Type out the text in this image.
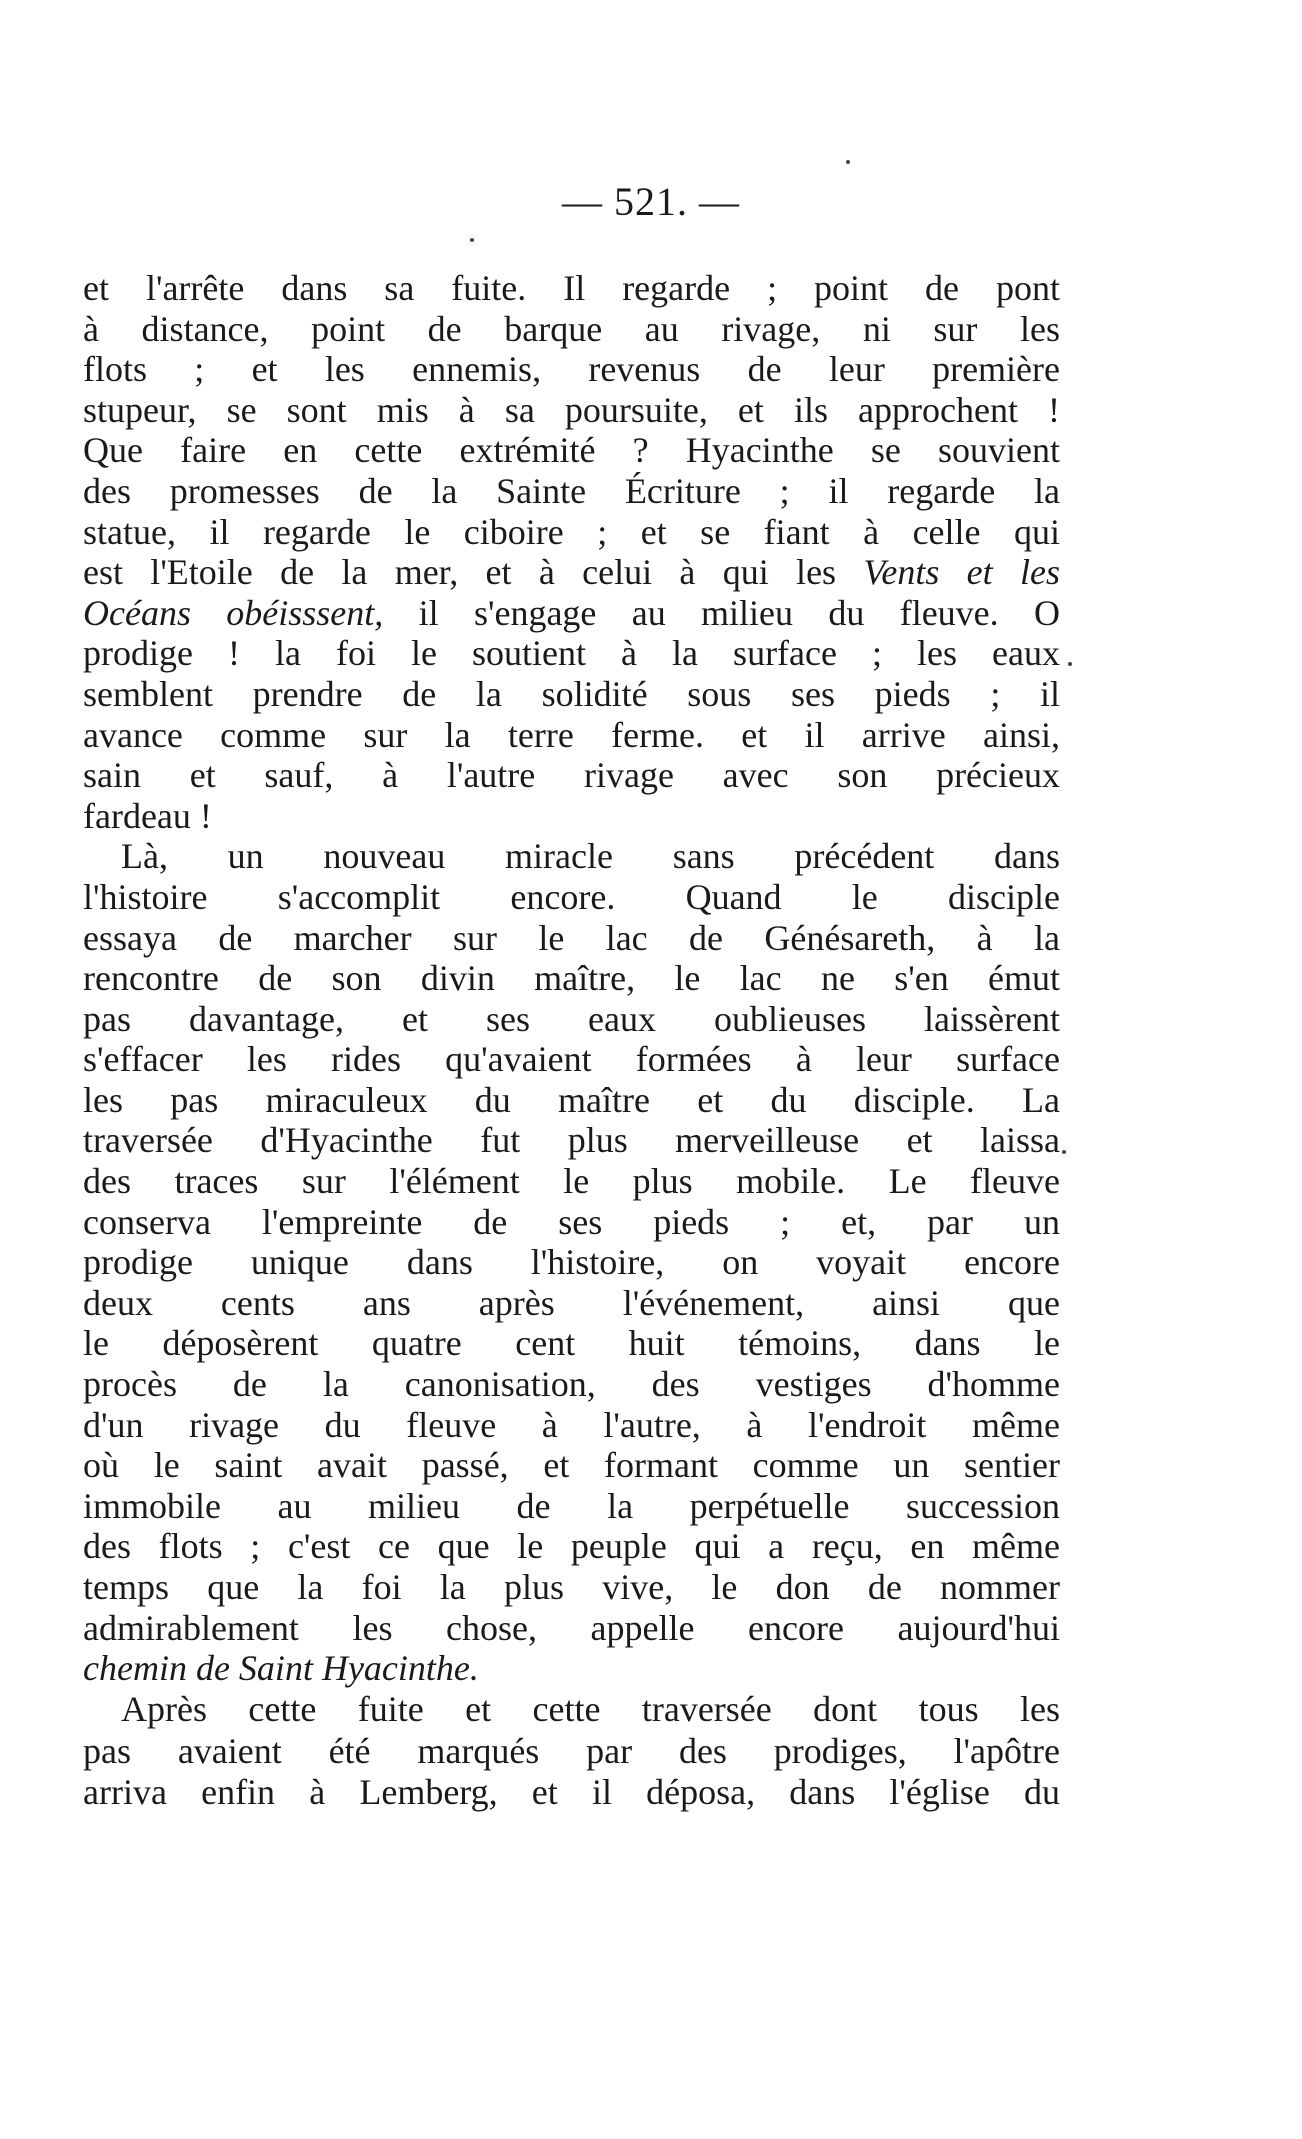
— 521. —
et l'arrête dans sa fuite. Il regarde ; point de pont
à distance, point de barque au rivage, ni sur les
flots ; et les ennemis, revenus de leur première
stupeur, se sont mis à sa poursuite, et ils approchent !
Que faire en cette extrémité ? Hyacinthe se souvient
des promesses de la Sainte Écriture ; il regarde la
statue, il regarde le ciboire ; et se fiant à celle qui
est l'Etoile de la mer, et à celui à qui les Vents et les
Océans obéisssent, il s'engage au milieu du fleuve. O
prodige ! la foi le soutient à la surface ; les eaux
semblent prendre de la solidité sous ses pieds ; il
avance comme sur la terre ferme. et il arrive ainsi,
sain et sauf, à l'autre rivage avec son précieux
fardeau !
Là, un nouveau miracle sans précédent dans
l'histoire s'accomplit encore. Quand le disciple
essaya de marcher sur le lac de Génésareth, à la
rencontre de son divin maître, le lac ne s'en émut
pas davantage, et ses eaux oublieuses laissèrent
s'effacer les rides qu'avaient formées à leur surface
les pas miraculeux du maître et du disciple. La
traversée d'Hyacinthe fut plus merveilleuse et laissa
des traces sur l'élément le plus mobile. Le fleuve
conserva l'empreinte de ses pieds ; et, par un
prodige unique dans l'histoire, on voyait encore
deux cents ans après l'événement, ainsi que
le déposèrent quatre cent huit témoins, dans le
procès de la canonisation, des vestiges d'homme
d'un rivage du fleuve à l'autre, à l'endroit même
où le saint avait passé, et formant comme un sentier
immobile au milieu de la perpétuelle succession
des flots ; c'est ce que le peuple qui a reçu, en même
temps que la foi la plus vive, le don de nommer
admirablement les chose, appelle encore aujourd'hui
chemin de Saint Hyacinthe.
Après cette fuite et cette traversée dont tous les
pas avaient été marqués par des prodiges, l'apôtre
arriva enfin à Lemberg, et il déposa, dans l'église du
